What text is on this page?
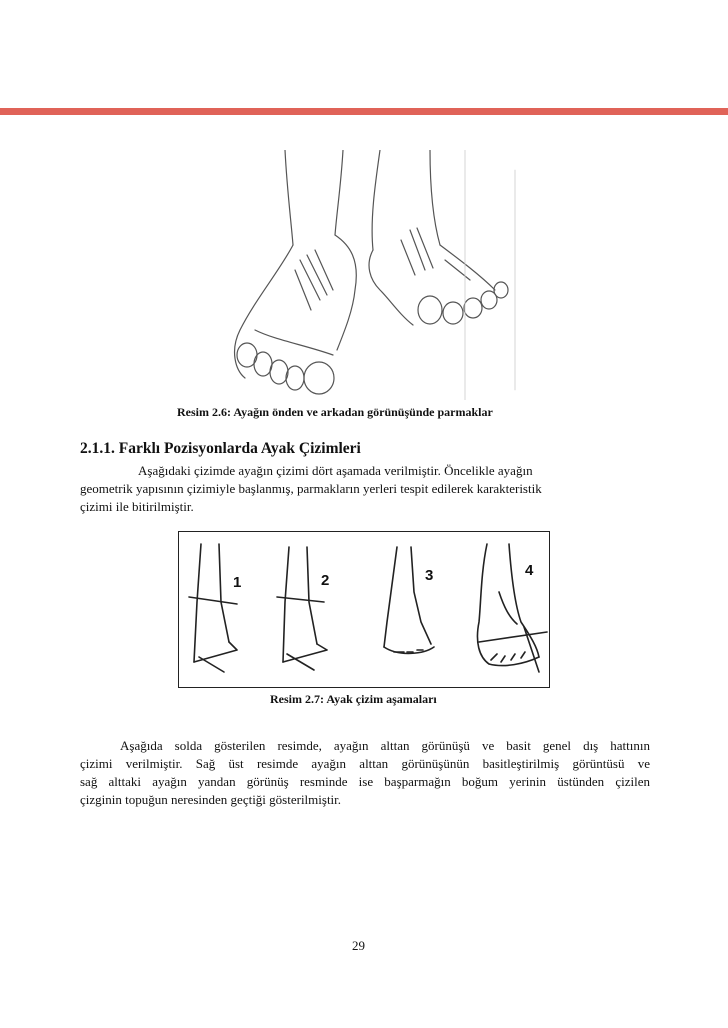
Resim 2.6: Ayağın önden ve arkadan görünüşünde parmaklar
2.1.1. Farklı Pozisyonlarda Ayak Çizimleri

Aşağıdaki çizimde ayağın çizimi dört aşamada verilmiştir. Öncelikle ayağın
geometrik yapısının çizimiyle başlanmış, parmakların yerleri tespit edilerek karakteristik
çizimi ile bitirilmiştir.

1	2	3	4
Resim 2.7: Ayak çizim aşamaları

Aşağıda solda gösterilen resimde, ayağın alttan görünüşü ve basit genel dış hattının
çizimi verilmiştir. Sağ üst resimde ayağın alttan görünüşünün basitleştirilmiş görüntüsü ve
sağ alttaki ayağın yandan görünüş resminde ise başparmağın boğum yerinin üstünden çizilen
çizginin topuğun neresinden geçtiği gösterilmiştir.

29
